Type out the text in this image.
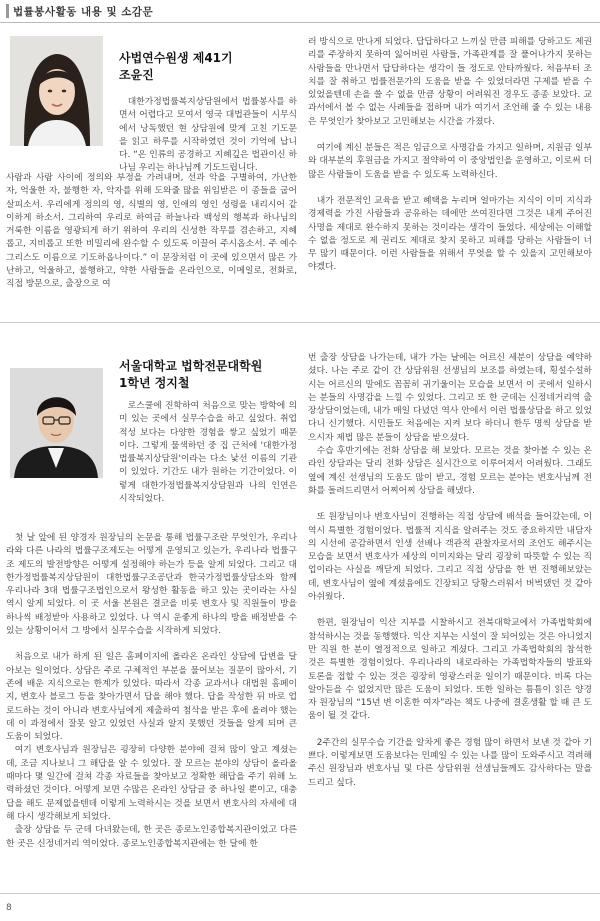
법률봉사활동 내용 및 소감문
사법연수원생 제41기
조윤진

대한가정법률복지상담원에서 법률봉사를 하면서 어렵다고 모여서 영국 대법관들이 시무식에서 낭독했던 현 상담원에 맞게 고친 기도문을 읽고 하루를 시작하였던 것이 기억에 납니다. “온 인류의 공경하고 지혜깊은 법관이신 하나님 우리는 하나님께 기도드립니다.

사람과 사람 사이에 정의와 부정을 가려내며, 선과 악을 구별하여, 가난한 자, 억울한 자, 불행한 자, 악자를 위해 도와줄 많을 위임받은 이 종들을 굽어 살피소서. 우리에게 정의의 영, 식별의 영, 인애의 영인 성령을 내리시어 같이하게 하소서. 그리하여 우리로 하여금 하늘나라 백성의 행복과 하나님의 거룩한 이름을 영광되게 하기 위하여 우리의 신성한 작무를 겸손하고, 지혜롭고, 지비롭고 또한 비밀리에 완수할 수 있도록 이끌어 주시옵소서. 주 예수 그리스도 이름으로 기도하옵나이다.” 이 문장처럼 이 곳에 있으면서 많은 가난하고, 억울하고, 불행하고, 약한 사람들을 온라인으로, 이메일로, 전화로, 직접 방문으로, 출장으로 여

러 방식으로 만나게 되었다. 답답하다고 느끼실 만큼 피해를 당하고도 제권리를 주장하지 못하여 잃어버린 사람들, 가족관계를 잘 풀어나가지 못하는 사람들을 만나면서 답답하다는 생각이 들 정도로 안타까웠다. 처음부터 조치를 잘 취하고 법률전문가의 도움을 받을 수 있었더라면 구제를 받을 수 있었을텐데 손을 쓸 수 없을 만큼 상황이 어려워진 경우도 종종 보았다. 교과서에서 볼 수 없는 사례들을 접하며 내가 여기서 조언해 줄 수 있는 내용은 무엇인가 찾아보고 고민해보는 시간을 가졌다.

여기에 계신 분들은 적은 임금으로 사명감을 가지고 일하며, 지원금 일부와 대부분의 후원금을 가지고 절약하여 이 중앙법인을 운영하고, 이로써 더 많은 사람들이 도움을 받을 수 있도록 노력하신다.

내가 전문적인 교육을 받고 혜택을 누리며 얼마가는 지식이 이미 지식과 경제력을 가진 사람들과 공유하는 데에만 쓰여진다면 그것은 내게 주어진 사명을 제대로 완수하지 못하는 것이라는 생각이 들었다. 세상에는 이해할 수 없을 정도로 제 권리도 제대로 찾지 못하고 피해를 당하는 사람들이 너무 많기 때문이다. 이런 사람들을 위해서 무엇을 할 수 있을지 고민해보아야겠다.

서울대학교 법학전문대학원
1학년 정지철

로스쿨에 진학하여 처음으로 맞는 방학에 의미 있는 곳에서 실무수습을 하고 싶었다. 취업적성 보다는 다양한 경험을 쌓고 싶었기 때문이다. 그렇게 물색하던 중 집 근처에 '대한가정법률복지상담원'이라는 다소 낯선 이름의 기관이 있었다. 기간도 내가 원하는 기간이었다. 이렇게 대한가정법률복지상담원과 나의 인연은 시작되었다.

첫 날 앞에 된 양경자 원장님의 논문을 통해 법률구조란 무엇인가, 우리나라와 다른 나라의 법률구조제도는 어떻게 운영되고 있는가, 우리나라 법률구조 제도의 발전방향은 어떻게 설정해야 하는가 등을 알게 되었다. 그리고 대한가정법률복지상담원이 대한법률구조공단과 한국가정법률상담소와 함께 우리나라 3대 법률구조법인으로서 왕성한 활동을 하고 있는 곳이라는 사실 역시 알게 되었다. 이 곳 서울 본원은 결코을 비롯 변호사 및 직원들이 방을 하나씩 배정받아 사용하고 있었다. 나 역시 운좋게 하나의 방을 배정받을 수 있는 상황이어서 그 방에서 실무수습을 시작하게 되었다.

처음으로 내가 하게 된 일은 홈페이지에 올라온 온라인 상담에 답변을 달아보는 일이었다. 상담은 주로 구체적인 부분을 물어보는 질문이 많아서, 기존에 배운 지식으로는 한계가 있었다. 따라서 각종 교과서나 대법원 홈페이지, 변호사 블로그 등을 찾아가면서 답을 해야 했다. 답을 작성한 뒤 바로 업로드하는 것이 아니라 변호사님에게 제출하여 첨삭을 받은 후에 올려야 했는데 이 과정에서 잘못 알고 있었던 사실과 알지 못했던 것들을 알게 되며 큰 도움이 되었다.

여기 변호사님과 원장님은 굉장히 다양한 분야에 걸쳐 많이 알고 계셨는데, 조금 지나보니 그 해답을 알 수 있었다. 잘 모르는 분야의 상담이 올라올 때마다 몇 일간에 걸쳐 각종 자료들을 찾아보고 정확한 해답을 주기 위해 노력하셨던 것이다. 어떻게 보면 수많은 온라인 상담글 중 하나일 뿐이고, 대충 답을 해도 문제없을텐데 이렇게 노력하시는 것을 보면서 변호사의 자세에 대해 다시 생각해보게 되었다.

출장 상담을 두 군데 다녀왔는데, 한 곳은 종로노인종합복지관이었고 다른 한 곳은 신정네거리 역이었다. 종로노인종합복지관에는 한 달에 한

번 출장 상담을 나가는데, 내가 가는 날에는 어르신 세분이 상담을 예약하셨다. 나는 주로 같이 간 상담위원 선생님의 보조를 하였는데, 횡설수설하시는 어르신의 말에도 꼼꼼히 귀기울이는 모습을 보면서 이 곳에서 일하시는 분들의 사명감을 느낄 수 있었다. 그리고 또 한 군데는 신정네거리역 출장상담이었는데, 내가 매일 다녔던 역사 안에서 이런 법률상담을 하고 있었다니 신기했다. 시민들도 처음에는 지켜 보다 하더니 한두 명씩 상담을 받으시자 제법 많은 분들이 상담을 받으셨다.

수습 후반기에는 전화 상담을 해 보았다. 모르는 것을 찾아볼 수 있는 온라인 상담과는 달리 전화 상담은 실시간으로 이루어져서 어려웠다. 그래도 옆에 계신 선생님의 도움도 많이 받고, 경험 모르는 분야는 변호사님께 전화를 돌려드리면서 어찌어찌 상담을 해냈다.

또 원장님이나 변호사님이 진행하는 직접 상담에 배석을 들어갔는데, 이 역시 특별한 경험이었다. 법률적 지식을 알려주는 것도 중요하지만 내담자의 시선에 공감하면서 인생 선배나 객관적 관찰자로서의 조언도 해주시는 모습을 보면서 변호사가 세상의 이미지와는 달리 굉장히 따뜻할 수 있는 직업이라는 사실을 깨닫게 되었다. 그리고 직접 상담을 한 번 진행해보았는데, 변호사님이 옆에 계셨음에도 긴장되고 당황스러워서 버벅댔던 것 같아 아쉬웠다.

한편, 원장님이 익산 지부를 시찰하시고 전북대학교에서 가족법학회에 참석하시는 것을 동행했다. 익산 지부는 시설이 잘 되어있는 것은 아니었지만 직원 한 분이 열정적으로 일하고 계셨다. 그리고 가족법학회의 참석한 것은 특별한 경험이었다. 우리나라의 내로라하는 가족법학자들의 발표와 토론을 접할 수 있는 것은 굉장히 영광스러운 일이기 때문이다. 비록 다는 알아듣을 수 없었지만 많은 도움이 되었다. 또한 일하는 틈틈이 읽은 양경자 원장님의 “15년 변 이혼한 여자”라는 책도 나중에 결혼생활 할 때 큰 도움이 될 것 같다.

2주간의 실무수습 기간을 알차게 좋은 경험 많이 하면서 보낸 것 같아 기쁘다. 이렇게보면 도움보다는 민폐일 수 있는 나를 많이 도와주시고 격려해주신 원장님과 변호사님 및 다른 상담위원 선생님들께도 감사하다는 말을 드리고 싶다.

8
